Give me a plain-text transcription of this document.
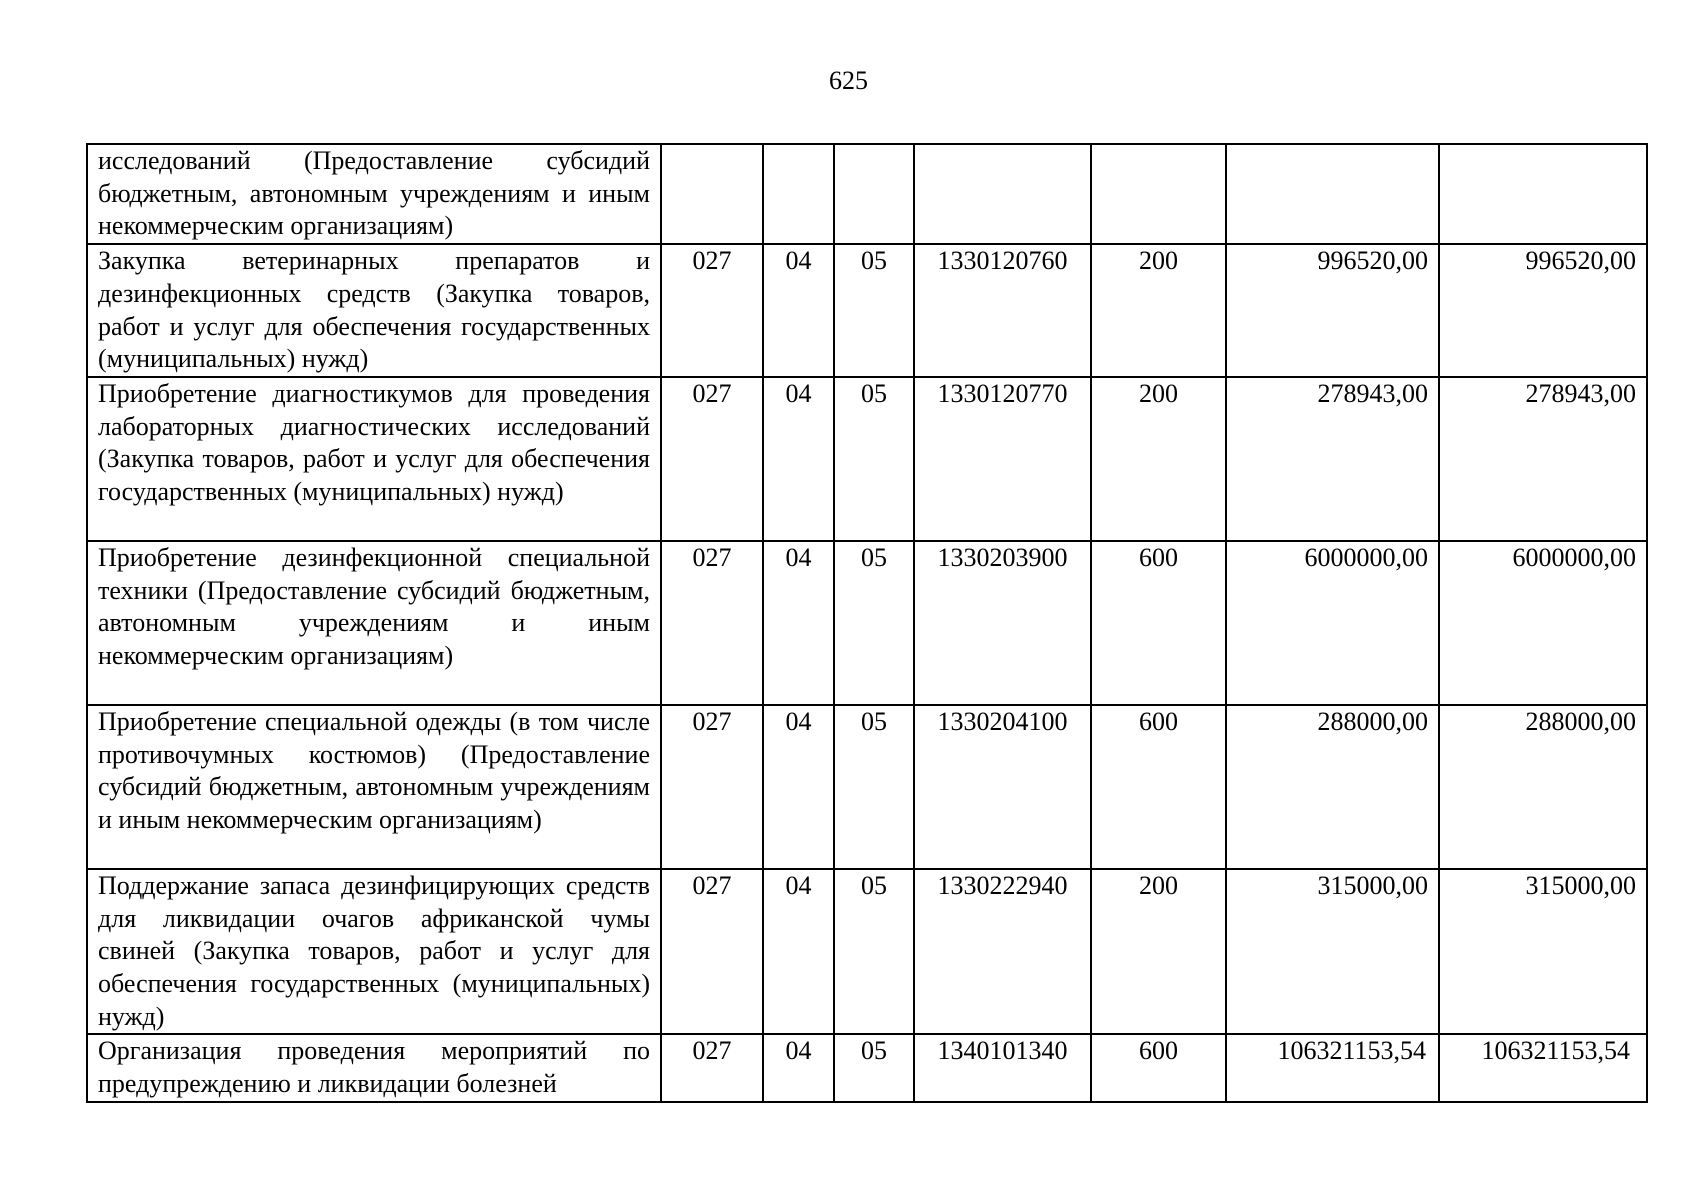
625
исследований (Предоставление субсидий бюджетным, автономным учреждениям и иным некоммерческим организациям)							
Закупка ветеринарных препаратов и дезинфекционных средств (Закупка товаров, работ и услуг для обеспечения государственных (муниципальных) нужд)	027	04	05	1330120760	200	996520,00	996520,00
Приобретение диагностикумов для проведения лабораторных диагностических исследований (Закупка товаров, работ и услуг для обеспечения государственных (муниципальных) нужд)	027	04	05	1330120770	200	278943,00	278943,00
Приобретение дезинфекционной специальной техники (Предоставление субсидий бюджетным, автономным учреждениям и иным некоммерческим организациям)	027	04	05	1330203900	600	6000000,00	6000000,00
Приобретение специальной одежды (в том числе противочумных костюмов) (Предоставление субсидий бюджетным, автономным учреждениям и иным некоммерческим организациям)	027	04	05	1330204100	600	288000,00	288000,00
Поддержание запаса дезинфицирующих средств для ликвидации очагов африканской чумы свиней (Закупка товаров, работ и услуг для обеспечения государственных (муниципальных) нужд)	027	04	05	1330222940	200	315000,00	315000,00
Организация проведения мероприятий по предупреждению и ликвидации болезней	027	04	05	1340101340	600	106321153,54	106321153,54
